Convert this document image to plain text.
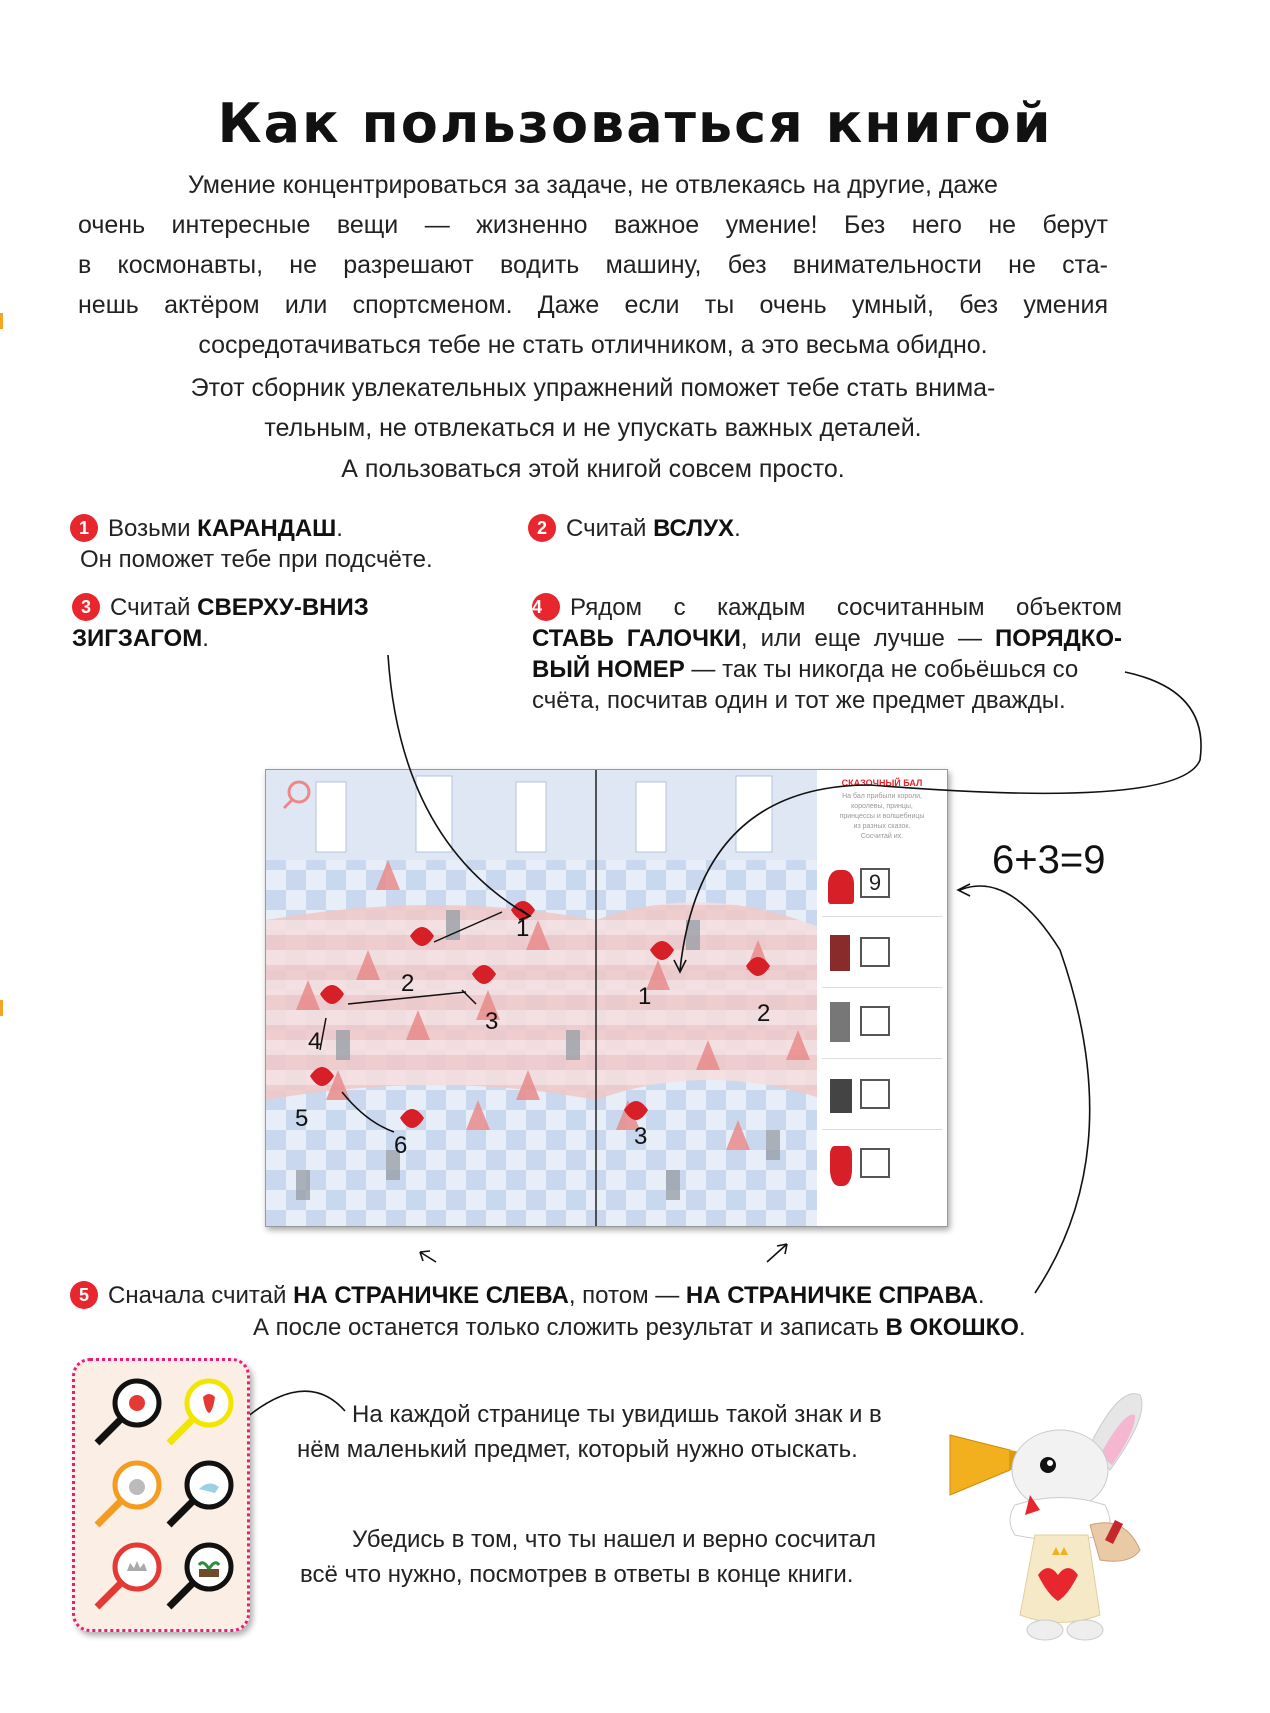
Как пользоваться книгой
Умение концентрироваться за задаче, не отвлекаясь на другие, даже
очень интересные вещи — жизненно важное умение! Без него не берут
в космонавты, не разрешают водить машину, без внимательности не ста-
нешь актёром или спортсменом. Даже если ты очень умный, без умения
сосредотачиваться тебе не стать отличником, а это весьма обидно.
Этот сборник увлекательных упражнений поможет тебе стать внима-
тельным, не отвлекаться и не упускать важных деталей.
А пользоваться этой книгой совсем просто.
1 Возьми КАРАНДАШ.
Он поможет тебе при подсчёте.
2 Считай ВСЛУХ.
3 Считай СВЕРХУ-ВНИЗ
ЗИГЗАГОМ.
4 Рядом с каждым сосчитанным объектом
СТАВЬ ГАЛОЧКИ, или еще лучше — ПОРЯДКО-
ВЫЙ НОМЕР — так ты никогда не собьёшься со
счёта, посчитав один и тот же предмет дважды.
1
2
3
4
5
6
1
2
3
СКАЗОЧНЫЙ БАЛ
На бал прибыли короли,
королевы, принцы,
принцессы и волшебницы
из разных сказок.
Сосчитай их.
9
6+3=9
5 Сначала считай НА СТРАНИЧКЕ СЛЕВА, потом — НА СТРАНИЧКЕ СПРАВА.
А после останется только сложить результат и записать В ОКОШКО.
На каждой странице ты увидишь такой знак и в
нём маленький предмет, который нужно отыскать.
Убедись в том, что ты нашел и верно сосчитал
всё что нужно, посмотрев в ответы в конце книги.
